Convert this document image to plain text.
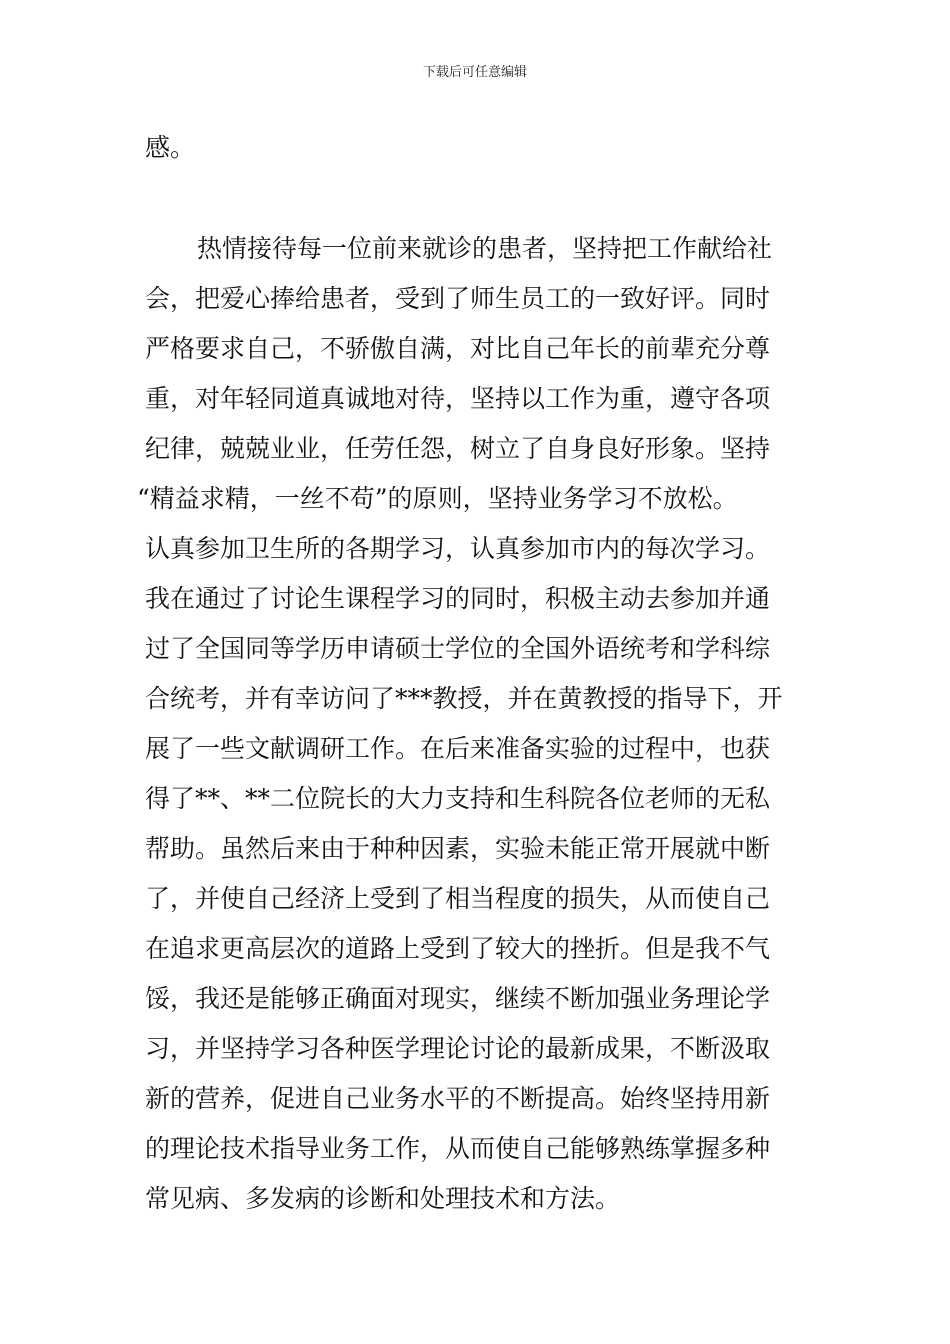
下载后可任意编辑
感。
热情接待每一位前来就诊的患者，坚持把工作献给社
会，把爱心捧给患者，受到了师生员工的一致好评。同时
严格要求自己，不骄傲自满，对比自己年长的前辈充分尊
重，对年轻同道真诚地对待，坚持以工作为重，遵守各项
纪律，兢兢业业，任劳任怨，树立了自身良好形象。坚持
“精益求精，一丝不苟”的原则，坚持业务学习不放松。
认真参加卫生所的各期学习，认真参加市内的每次学习。
我在通过了讨论生课程学习的同时，积极主动去参加并通
过了全国同等学历申请硕士学位的全国外语统考和学科综
合统考，并有幸访问了***教授，并在黄教授的指导下，开
展了一些文献调研工作。在后来准备实验的过程中，也获
得了**、**二位院长的大力支持和生科院各位老师的无私
帮助。虽然后来由于种种因素，实验未能正常开展就中断
了，并使自己经济上受到了相当程度的损失，从而使自己
在追求更高层次的道路上受到了较大的挫折。但是我不气
馁，我还是能够正确面对现实，继续不断加强业务理论学
习，并坚持学习各种医学理论讨论的最新成果，不断汲取
新的营养，促进自己业务水平的不断提高。始终坚持用新
的理论技术指导业务工作，从而使自己能够熟练掌握多种
常见病、多发病的诊断和处理技术和方法。
